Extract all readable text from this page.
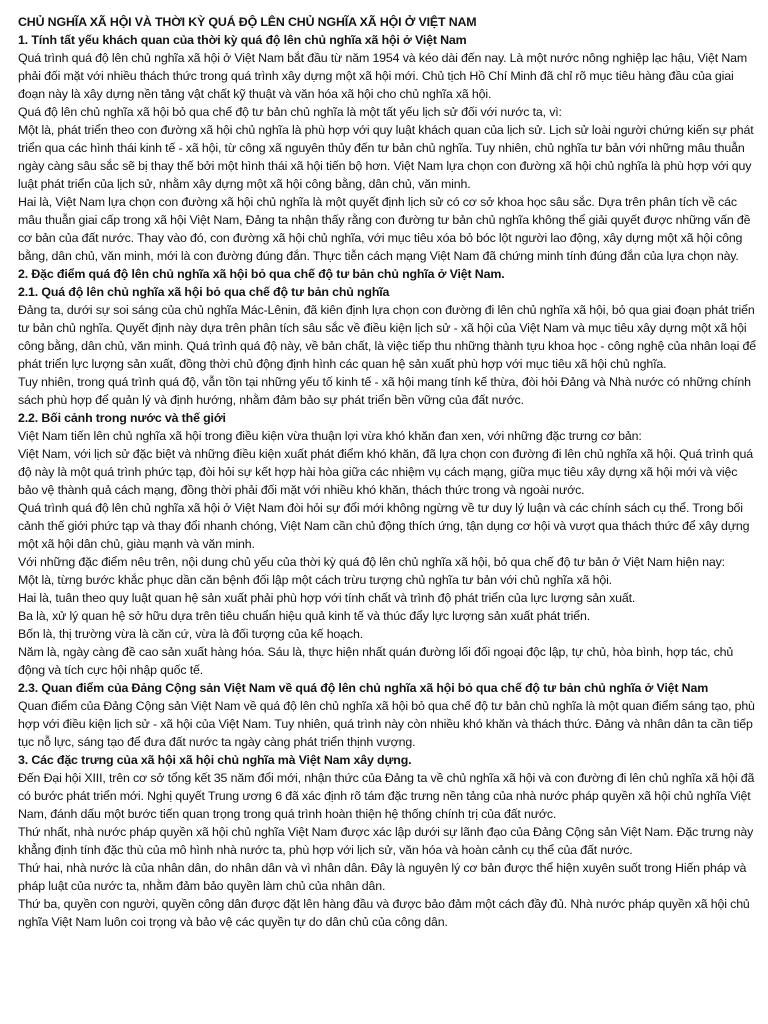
CHỦ NGHĨA XÃ HỘI VÀ THỜI KỲ QUÁ ĐỘ LÊN CHỦ NGHĨA XÃ HỘI Ở VIỆT NAM

1. Tính tất yếu khách quan của thời kỳ quá độ lên chủ nghĩa xã hội ở Việt Nam

Quá trình quá độ lên chủ nghĩa xã hội ở Việt Nam bắt đầu từ năm 1954 và kéo dài đến nay. Là một nước nông nghiệp lạc hậu, Việt Nam phải đối mặt với nhiều thách thức trong quá trình xây dựng một xã hội mới. Chủ tịch Hồ Chí Minh đã chỉ rõ mục tiêu hàng đầu của giai đoạn này là xây dựng nền tảng vật chất kỹ thuật và văn hóa xã hội cho chủ nghĩa xã hội.

Quá độ lên chủ nghĩa xã hội bỏ qua chế độ tư bản chủ nghĩa là một tất yếu lịch sử đối với nước ta, vì:

Một là, phát triển theo con đường xã hội chủ nghĩa là phù hợp với quy luật khách quan của lịch sử. Lịch sử loài người chứng kiến sự phát triển qua các hình thái kinh tế - xã hội, từ công xã nguyên thủy đến tư bản chủ nghĩa. Tuy nhiên, chủ nghĩa tư bản với những mâu thuẫn ngày càng sâu sắc sẽ bị thay thế bởi một hình thái xã hội tiến bộ hơn. Việt Nam lựa chọn con đường xã hội chủ nghĩa là phù hợp với quy luật phát triển của lịch sử, nhằm xây dựng một xã hội công bằng, dân chủ, văn minh.

Hai là, Việt Nam lựa chọn con đường xã hội chủ nghĩa là một quyết định lịch sử có cơ sở khoa học sâu sắc. Dựa trên phân tích về các mâu thuẫn giai cấp trong xã hội Việt Nam, Đảng ta nhận thấy rằng con đường tư bản chủ nghĩa không thể giải quyết được những vấn đề cơ bản của đất nước. Thay vào đó, con đường xã hội chủ nghĩa, với mục tiêu xóa bỏ bóc lột người lao động, xây dựng một xã hội công bằng, dân chủ, văn minh, mới là con đường đúng đắn. Thực tiễn cách mạng Việt Nam đã chứng minh tính đúng đắn của lựa chọn này.

2. Đặc điểm quá độ lên chủ nghĩa xã hội bỏ qua chế độ tư bản chủ nghĩa ở Việt Nam.

2.1. Quá độ lên chủ nghĩa xã hội bỏ qua chế độ tư bản chủ nghĩa

Đảng ta, dưới sự soi sáng của chủ nghĩa Mác-Lênin, đã kiên định lựa chọn con đường đi lên chủ nghĩa xã hội, bỏ qua giai đoạn phát triển tư bản chủ nghĩa. Quyết định này dựa trên phân tích sâu sắc về điều kiện lịch sử - xã hội của Việt Nam và mục tiêu xây dựng một xã hội công bằng, dân chủ, văn minh. Quá trình quá độ này, về bản chất, là việc tiếp thu những thành tựu khoa học - công nghệ của nhân loại để phát triển lực lượng sản xuất, đồng thời chủ động định hình các quan hệ sản xuất phù hợp với mục tiêu xã hội chủ nghĩa.

Tuy nhiên, trong quá trình quá độ, vẫn tồn tại những yếu tố kinh tế - xã hội mang tính kế thừa, đòi hỏi Đảng và Nhà nước có những chính sách phù hợp để quản lý và định hướng, nhằm đảm bảo sự phát triển bền vững của đất nước.

2.2. Bối cảnh trong nước và thế giới

Việt Nam tiến lên chủ nghĩa xã hội trong điều kiện vừa thuận lợi vừa khó khăn đan xen, với những đặc trưng cơ bản:

Việt Nam, với lịch sử đặc biệt và những điều kiện xuất phát điểm khó khăn, đã lựa chọn con đường đi lên chủ nghĩa xã hội. Quá trình quá độ này là một quá trình phức tạp, đòi hỏi sự kết hợp hài hòa giữa các nhiệm vụ cách mạng, giữa mục tiêu xây dựng xã hội mới và việc bảo vệ thành quả cách mạng, đồng thời phải đối mặt với nhiều khó khăn, thách thức trong và ngoài nước.

Quá trình quá độ lên chủ nghĩa xã hội ở Việt Nam đòi hỏi sự đổi mới không ngừng về tư duy lý luận và các chính sách cụ thể. Trong bối cảnh thế giới phức tạp và thay đổi nhanh chóng, Việt Nam cần chủ động thích ứng, tận dụng cơ hội và vượt qua thách thức để xây dựng một xã hội dân chủ, giàu mạnh và văn minh.

Với những đặc điểm nêu trên, nội dung chủ yếu của thời kỳ quá độ lên chủ nghĩa xã hội, bỏ qua chế độ tư bản ở Việt Nam hiện nay:

Một là, từng bước khắc phục dần căn bệnh đối lập một cách trừu tượng chủ nghĩa tư bản với chủ nghĩa xã hội.

Hai là, tuân theo quy luật quan hệ sản xuất phải phù hợp với tính chất và trình độ phát triển của lực lượng sản xuất.

Ba là, xử lý quan hệ sở hữu dựa trên tiêu chuẩn hiệu quả kinh tế và thúc đẩy lực lượng sản xuất phát triển.

Bốn là, thị trường vừa là căn cứ, vừa là đối tượng của kế hoạch.

Năm là, ngày càng đề cao sản xuất hàng hóa. Sáu là, thực hiện nhất quán đường lối đối ngoại độc lập, tự chủ, hòa bình, hợp tác, chủ động và tích cực hội nhập quốc tế.

2.3. Quan điểm của Đảng Cộng sản Việt Nam về quá độ lên chủ nghĩa xã hội bỏ qua chế độ tư bản chủ nghĩa ở Việt Nam

Quan điểm của Đảng Cộng sản Việt Nam về quá độ lên chủ nghĩa xã hội bỏ qua chế độ tư bản chủ nghĩa là một quan điểm sáng tạo, phù hợp với điều kiện lịch sử - xã hội của Việt Nam. Tuy nhiên, quá trình này còn nhiều khó khăn và thách thức. Đảng và nhân dân ta cần tiếp tục nỗ lực, sáng tạo để đưa đất nước ta ngày càng phát triển thịnh vượng.

3. Các đặc trưng của xã hội xã hội chủ nghĩa mà Việt Nam xây dựng.

Đến Đại hội XIII, trên cơ sở tổng kết 35 năm đổi mới, nhận thức của Đảng ta về chủ nghĩa xã hội và con đường đi lên chủ nghĩa xã hội đã có bước phát triển mới. Nghị quyết Trung ương 6 đã xác định rõ tám đặc trưng nền tảng của nhà nước pháp quyền xã hội chủ nghĩa Việt Nam, đánh dấu một bước tiến quan trọng trong quá trình hoàn thiện hệ thống chính trị của đất nước.

Thứ nhất, nhà nước pháp quyền xã hội chủ nghĩa Việt Nam được xác lập dưới sự lãnh đạo của Đảng Cộng sản Việt Nam. Đặc trưng này khẳng định tính đặc thù của mô hình nhà nước ta, phù hợp với lịch sử, văn hóa và hoàn cảnh cụ thể của đất nước.

Thứ hai, nhà nước là của nhân dân, do nhân dân và vì nhân dân. Đây là nguyên lý cơ bản được thể hiện xuyên suốt trong Hiến pháp và pháp luật của nước ta, nhằm đảm bảo quyền làm chủ của nhân dân.

Thứ ba, quyền con người, quyền công dân được đặt lên hàng đầu và được bảo đảm một cách đầy đủ. Nhà nước pháp quyền xã hội chủ nghĩa Việt Nam luôn coi trọng và bảo vệ các quyền tự do dân chủ của công dân.
